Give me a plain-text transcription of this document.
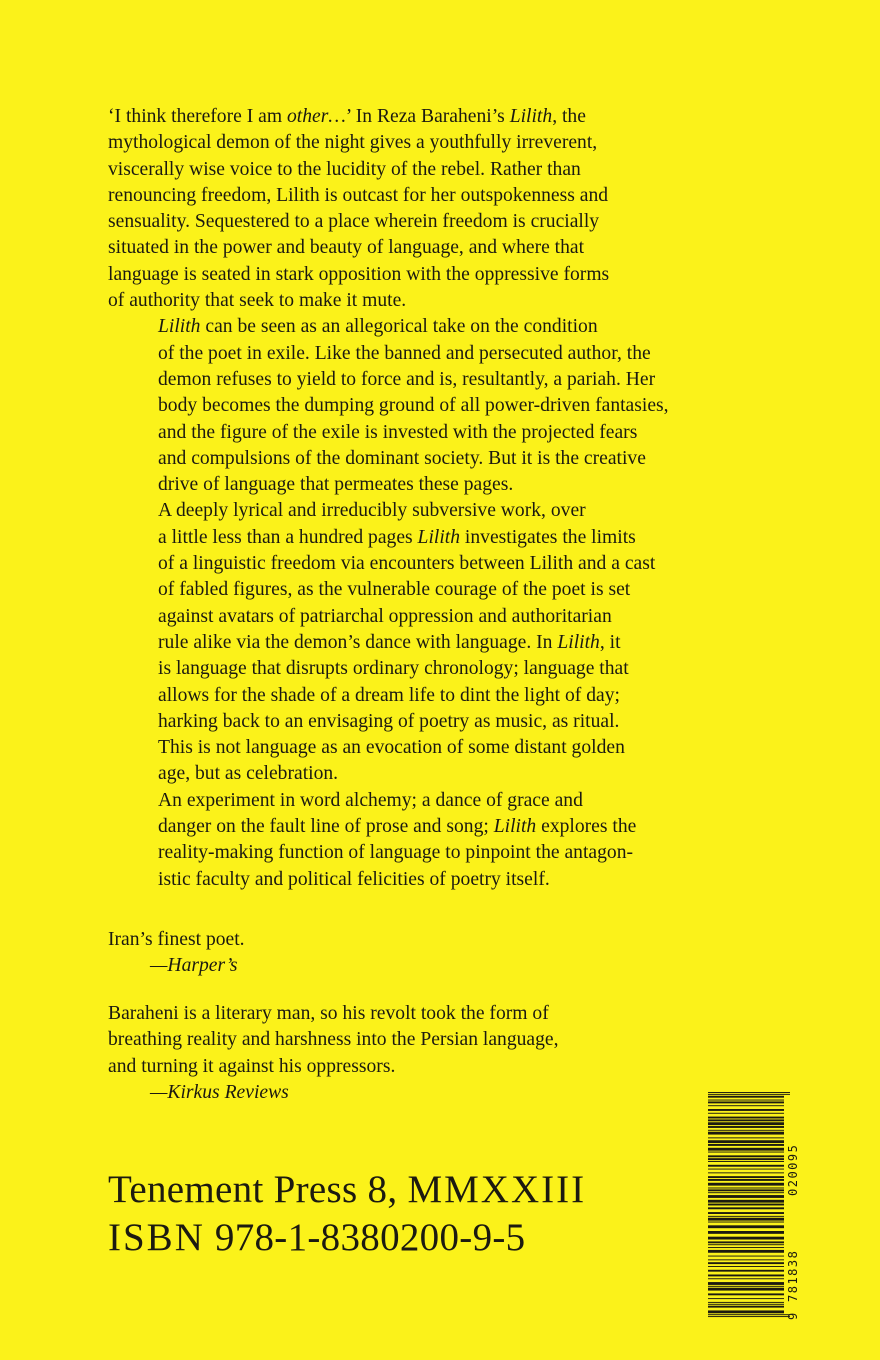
‘I think therefore I am other…’ In Reza Baraheni’s Lilith, the
mythological demon of the night gives a youthfully irreverent,
viscerally wise voice to the lucidity of the rebel. Rather than
renouncing freedom, Lilith is outcast for her outspokenness and
sensuality. Sequestered to a place wherein freedom is crucially
situated in the power and beauty of language, and where that
language is seated in stark opposition with the oppressive forms
of authority that seek to make it mute.

Lilith can be seen as an allegorical take on the condition
of the poet in exile. Like the banned and persecuted author, the
demon refuses to yield to force and is, resultantly, a pariah. Her
body becomes the dumping ground of all power-driven fantasies,
and the figure of the exile is invested with the projected fears
and compulsions of the dominant society. But it is the creative
drive of language that permeates these pages.

A deeply lyrical and irreducibly subversive work, over
a little less than a hundred pages Lilith investigates the limits
of a linguistic freedom via encounters between Lilith and a cast
of fabled figures, as the vulnerable courage of the poet is set
against avatars of patriarchal oppression and authoritarian
rule alike via the demon’s dance with language. In Lilith, it
is language that disrupts ordinary chronology; language that
allows for the shade of a dream life to dint the light of day;
harking back to an envisaging of poetry as music, as ritual.
This is not language as an evocation of some distant golden
age, but as celebration.

An experiment in word alchemy; a dance of grace and
danger on the fault line of prose and song; Lilith explores the
reality-making function of language to pinpoint the antagon-
istic faculty and political felicities of poetry itself.

Iran’s finest poet.
—Harper’s
Baraheni is a literary man, so his revolt took the form of
breathing reality and harshness into the Persian language,
and turning it against his oppressors.
—Kirkus Reviews
Tenement Press 8, MMXXIII
ISBN 978-1-8380200-9-5
9
781838
020095
